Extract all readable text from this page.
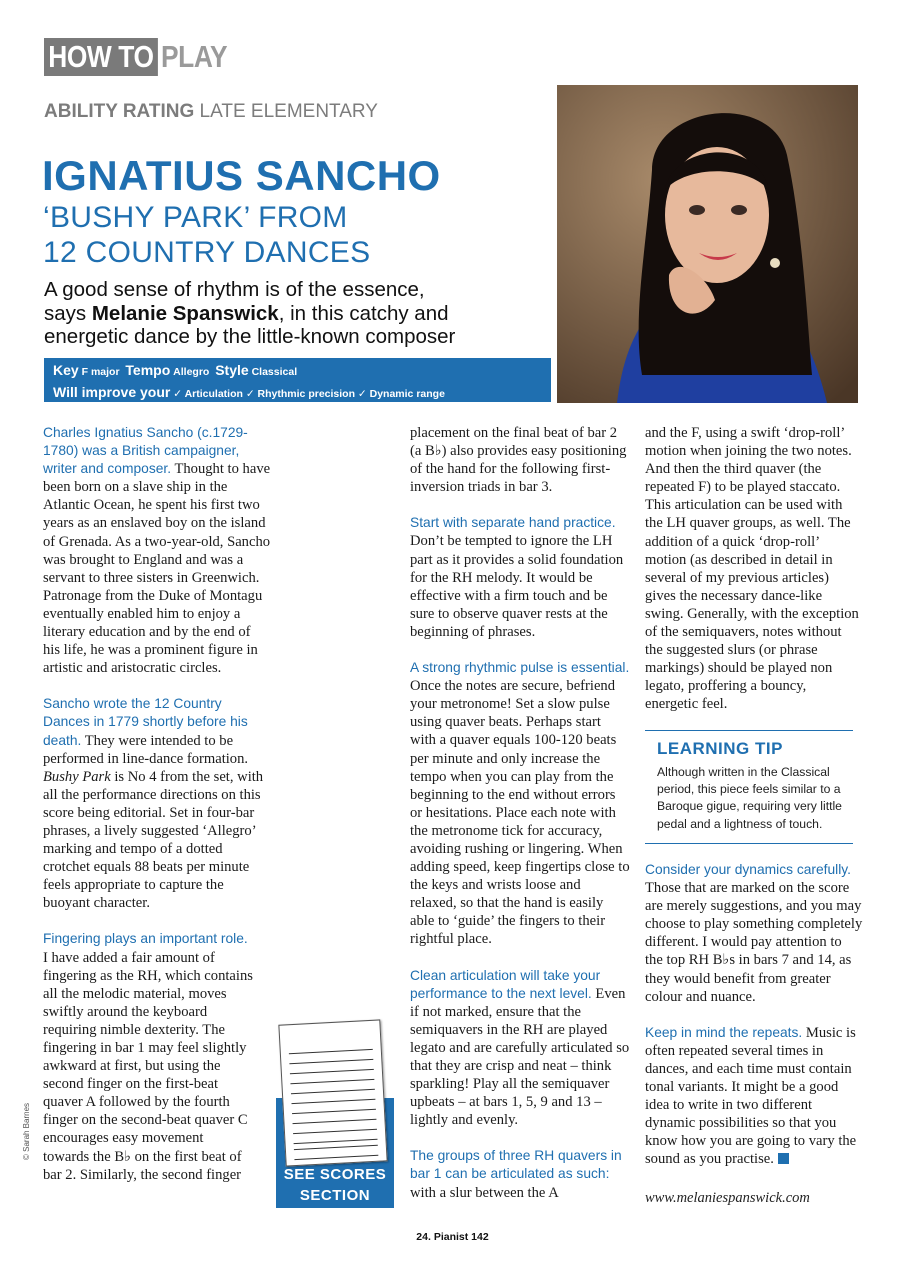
HOW TO PLAY
ABILITY RATING LATE ELEMENTARY
IGNATIUS SANCHO
‘BUSHY PARK’ FROM
12 COUNTRY DANCES
A good sense of rhythm is of the essence, says Melanie Spanswick, in this catchy and energetic dance by the little-known composer
Key F major Tempo Allegro Style Classical
Will improve your ✓ Articulation ✓ Rhythmic precision ✓ Dynamic range

Charles Ignatius Sancho (c.1729-1780) was a British campaigner, writer and composer. Thought to have been born on a slave ship in the Atlantic Ocean, he spent his first two years as an enslaved boy on the island of Grenada. As a two-year-old, Sancho was brought to England and was a servant to three sisters in Greenwich. Patronage from the Duke of Montagu eventually enabled him to enjoy a literary education and by the end of his life, he was a prominent figure in artistic and aristocratic circles.

Sancho wrote the 12 Country Dances in 1779 shortly before his death. They were intended to be performed in line-dance formation. Bushy Park is No 4 from the set, with all the performance directions on this score being editorial. Set in four-bar phrases, a lively suggested ‘Allegro’ marking and tempo of a dotted crotchet equals 88 beats per minute feels appropriate to capture the buoyant character.

Fingering plays an important role. I have added a fair amount of fingering as the RH, which contains all the melodic material, moves swiftly around the keyboard requiring nimble dexterity. The fingering in bar 1 may feel slightly awkward at first, but using the second finger on the first-beat quaver A followed by the fourth finger on the second-beat quaver C encourages easy movement towards the B♭ on the first beat of bar 2. Similarly, the second finger	SEE SCORES
SECTION

placement on the final beat of bar 2 (a B♭) also provides easy positioning of the hand for the following first-inversion triads in bar 3.

Start with separate hand practice. Don’t be tempted to ignore the LH part as it provides a solid foundation for the RH melody. It would be effective with a firm touch and be sure to observe quaver rests at the beginning of phrases.

A strong rhythmic pulse is essential. Once the notes are secure, befriend your metronome! Set a slow pulse using quaver beats. Perhaps start with a quaver equals 100-120 beats per minute and only increase the tempo when you can play from the beginning to the end without errors or hesitations. Place each note with the metronome tick for accuracy, avoiding rushing or lingering. When adding speed, keep fingertips close to the keys and wrists loose and relaxed, so that the hand is easily able to ‘guide’ the fingers to their rightful place.

Clean articulation will take your performance to the next level. Even if not marked, ensure that the semiquavers in the RH are played legato and are carefully articulated so that they are crisp and neat – think sparkling! Play all the semiquaver upbeats – at bars 1, 5, 9 and 13 – lightly and evenly.

The groups of three RH quavers in bar 1 can be articulated as such: with a slur between the A

and the F, using a swift ‘drop-roll’ motion when joining the two notes. And then the third quaver (the repeated F) to be played staccato. This articulation can be used with the LH quaver groups, as well. The addition of a quick ‘drop-roll’ motion (as described in detail in several of my previous articles) gives the necessary dance-like swing. Generally, with the exception of the semiquavers, notes without the suggested slurs (or phrase markings) should be played non legato, proffering a bouncy, energetic feel.

LEARNING TIP
Although written in the Classical period, this piece feels similar to a Baroque gigue, requiring very little pedal and a lightness of touch.

Consider your dynamics carefully. Those that are marked on the score are merely suggestions, and you may choose to play something completely different. I would pay attention to the top RH B♭s in bars 7 and 14, as they would benefit from greater colour and nuance.

Keep in mind the repeats. Music is often repeated several times in dances, and each time must contain tonal variants. It might be a good idea to write in two different dynamic possibilities so that you know how you are going to vary the sound as you practise.

www.melaniespanswick.com
© Sarah Barnes
24. Pianist 142
